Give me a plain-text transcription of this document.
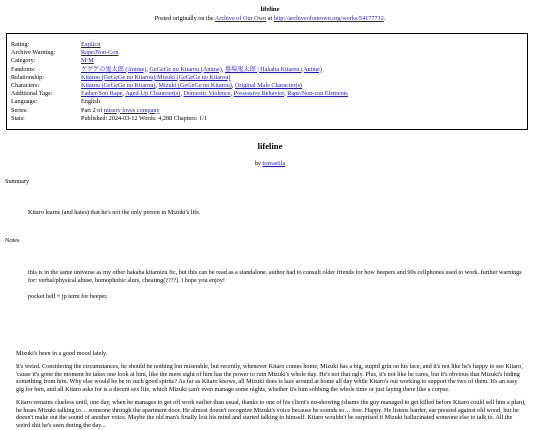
lifeline
Posted originally on the Archive of Our Own at http://archiveofourown.org/works/54177712.
Rating:	Explicit
Archive Warning:	Rape/Non-Con
Category:	M/M
Fandoms:	ゲゲゲの鬼太郎 (Anime), GeGeGe no Kitarou (Anime), 墓場鬼太郎 | Hakaba Kitarou (Anime)
Relationship:	Kitarou (GeGeGe no Kitarou)/Mizuki (GeGeGe no Kitarou)
Characters:	Kitarou (GeGeGe no Kitarou), Mizuki (GeGeGe no Kitarou), Original Male Character(s)
Additional Tags:	Father/Son Rape, Aged-Up Character(s), Domestic Violence, Possessive Behavior, Rape/Non-con Elements
Language:	English
Series:	Part 2 of misery loves company
Stats:	Published: 2024-03-12 Words: 4,288 Chapters: 1/1
lifeline
by travastila
Summary

Kitaro learns (and hates) that he's not the only person in Mizuki's life.

Notes

this is in the same universe as my other hakaba kitamizu fic, but this can be read as a standalone. author had to consult older friends for how beepers and 90s cellphones used to work. further warnings for: verbal/physical abuse, homophobic slurs, cheating(????). i hope you enjoy!

pocket bell = jp term for beeper.

Mizuki's been in a good mood lately.

It's weird. Considering the circumstances, he should be nothing but miserable, but recently, whenever Kitaro comes home, Mizuki has a big, stupid grin on his face, and it's not like he's happy to see Kitaro, 'cause it's gone the moment he takes one look at him, like the mere sight of him has the power to ruin Mizuki's whole day. He's not that ugly. Plus, it's not like he cares, but it's obvious that Mizuki's hiding something from him. Why else would he be in such good spirits? As far as Kitaro knows, all Mizuki does is laze around at home all day while Kitaro's out working to support the two of them. It's an easy gig for him, and all Kitaro asks for is a decent sex life, which Mizuki can't even manage some nights, whether it's him sobbing the whole time or just laying there like a corpse.

Kitaro remains clueless until, one day, when he manages to get off work earlier than usual, thanks to one of his client's no-showing (shame the guy managed to get killed before Kitaro could sell him a plan), he hears Mizuki talking to… someone through the apartment door. He almost doesn't recognize Mizuki's voice because he sounds so… free. Happy. He listens harder, ear pressed against old wood, but he doesn't make out the sound of another voice. Maybe the old man's finally lost his mind and started talking to himself. Kitaro wouldn't be surprised if Mizuki hallucinated someone else to talk to. All the weird shit he's seen during the day...
